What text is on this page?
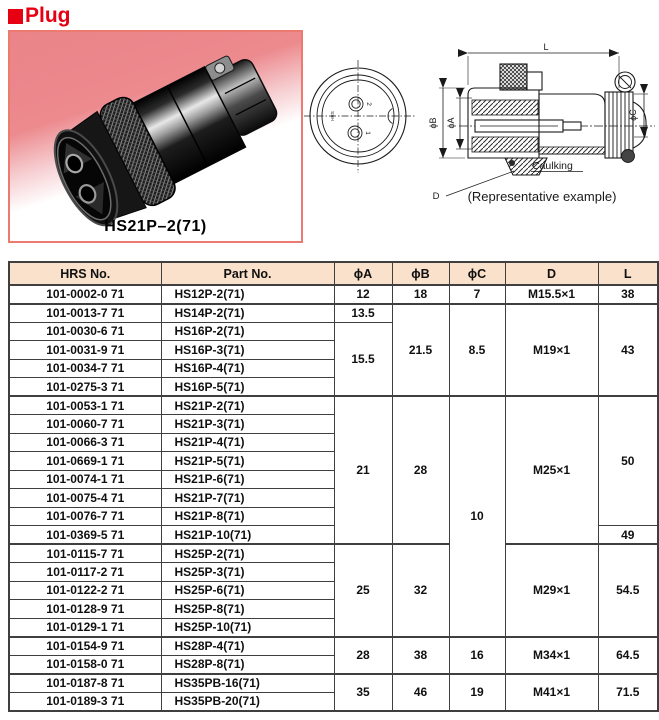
Plug
HS21P–2(71)
2
1
HRS
L
ϕB ϕA
ϕC
D
Caulking
(Representative example)
HRS No.	Part No.	ϕA	ϕB	ϕC	D	L
101-0002-0 71	HS12P-2(71)	12	18	7	M15.5×1	38
101-0013-7 71	HS14P-2(71)	13.5	21.5	8.5	M19×1	43
101-0030-6 71	HS16P-2(71)	15.5				
101-0031-9 71	HS16P-3(71)					
101-0034-7 71	HS16P-4(71)					
101-0275-3 71	HS16P-5(71)					
101-0053-1 71	HS21P-2(71)	21	28	10	M25×1	50
101-0060-7 71	HS21P-3(71)					
101-0066-3 71	HS21P-4(71)					
101-0669-1 71	HS21P-5(71)					
101-0074-1 71	HS21P-6(71)					
101-0075-4 71	HS21P-7(71)					
101-0076-7 71	HS21P-8(71)					
101-0369-5 71	HS21P-10(71)					49
101-0115-7 71	HS25P-2(71)	25	32		M29×1	54.5
101-0117-2 71	HS25P-3(71)					
101-0122-2 71	HS25P-6(71)					
101-0128-9 71	HS25P-8(71)					
101-0129-1 71	HS25P-10(71)					
101-0154-9 71	HS28P-4(71)	28	38	16	M34×1	64.5
101-0158-0 71	HS28P-8(71)					
101-0187-8 71	HS35PB-16(71)	35	46	19	M41×1	71.5
101-0189-3 71	HS35PB-20(71)					
